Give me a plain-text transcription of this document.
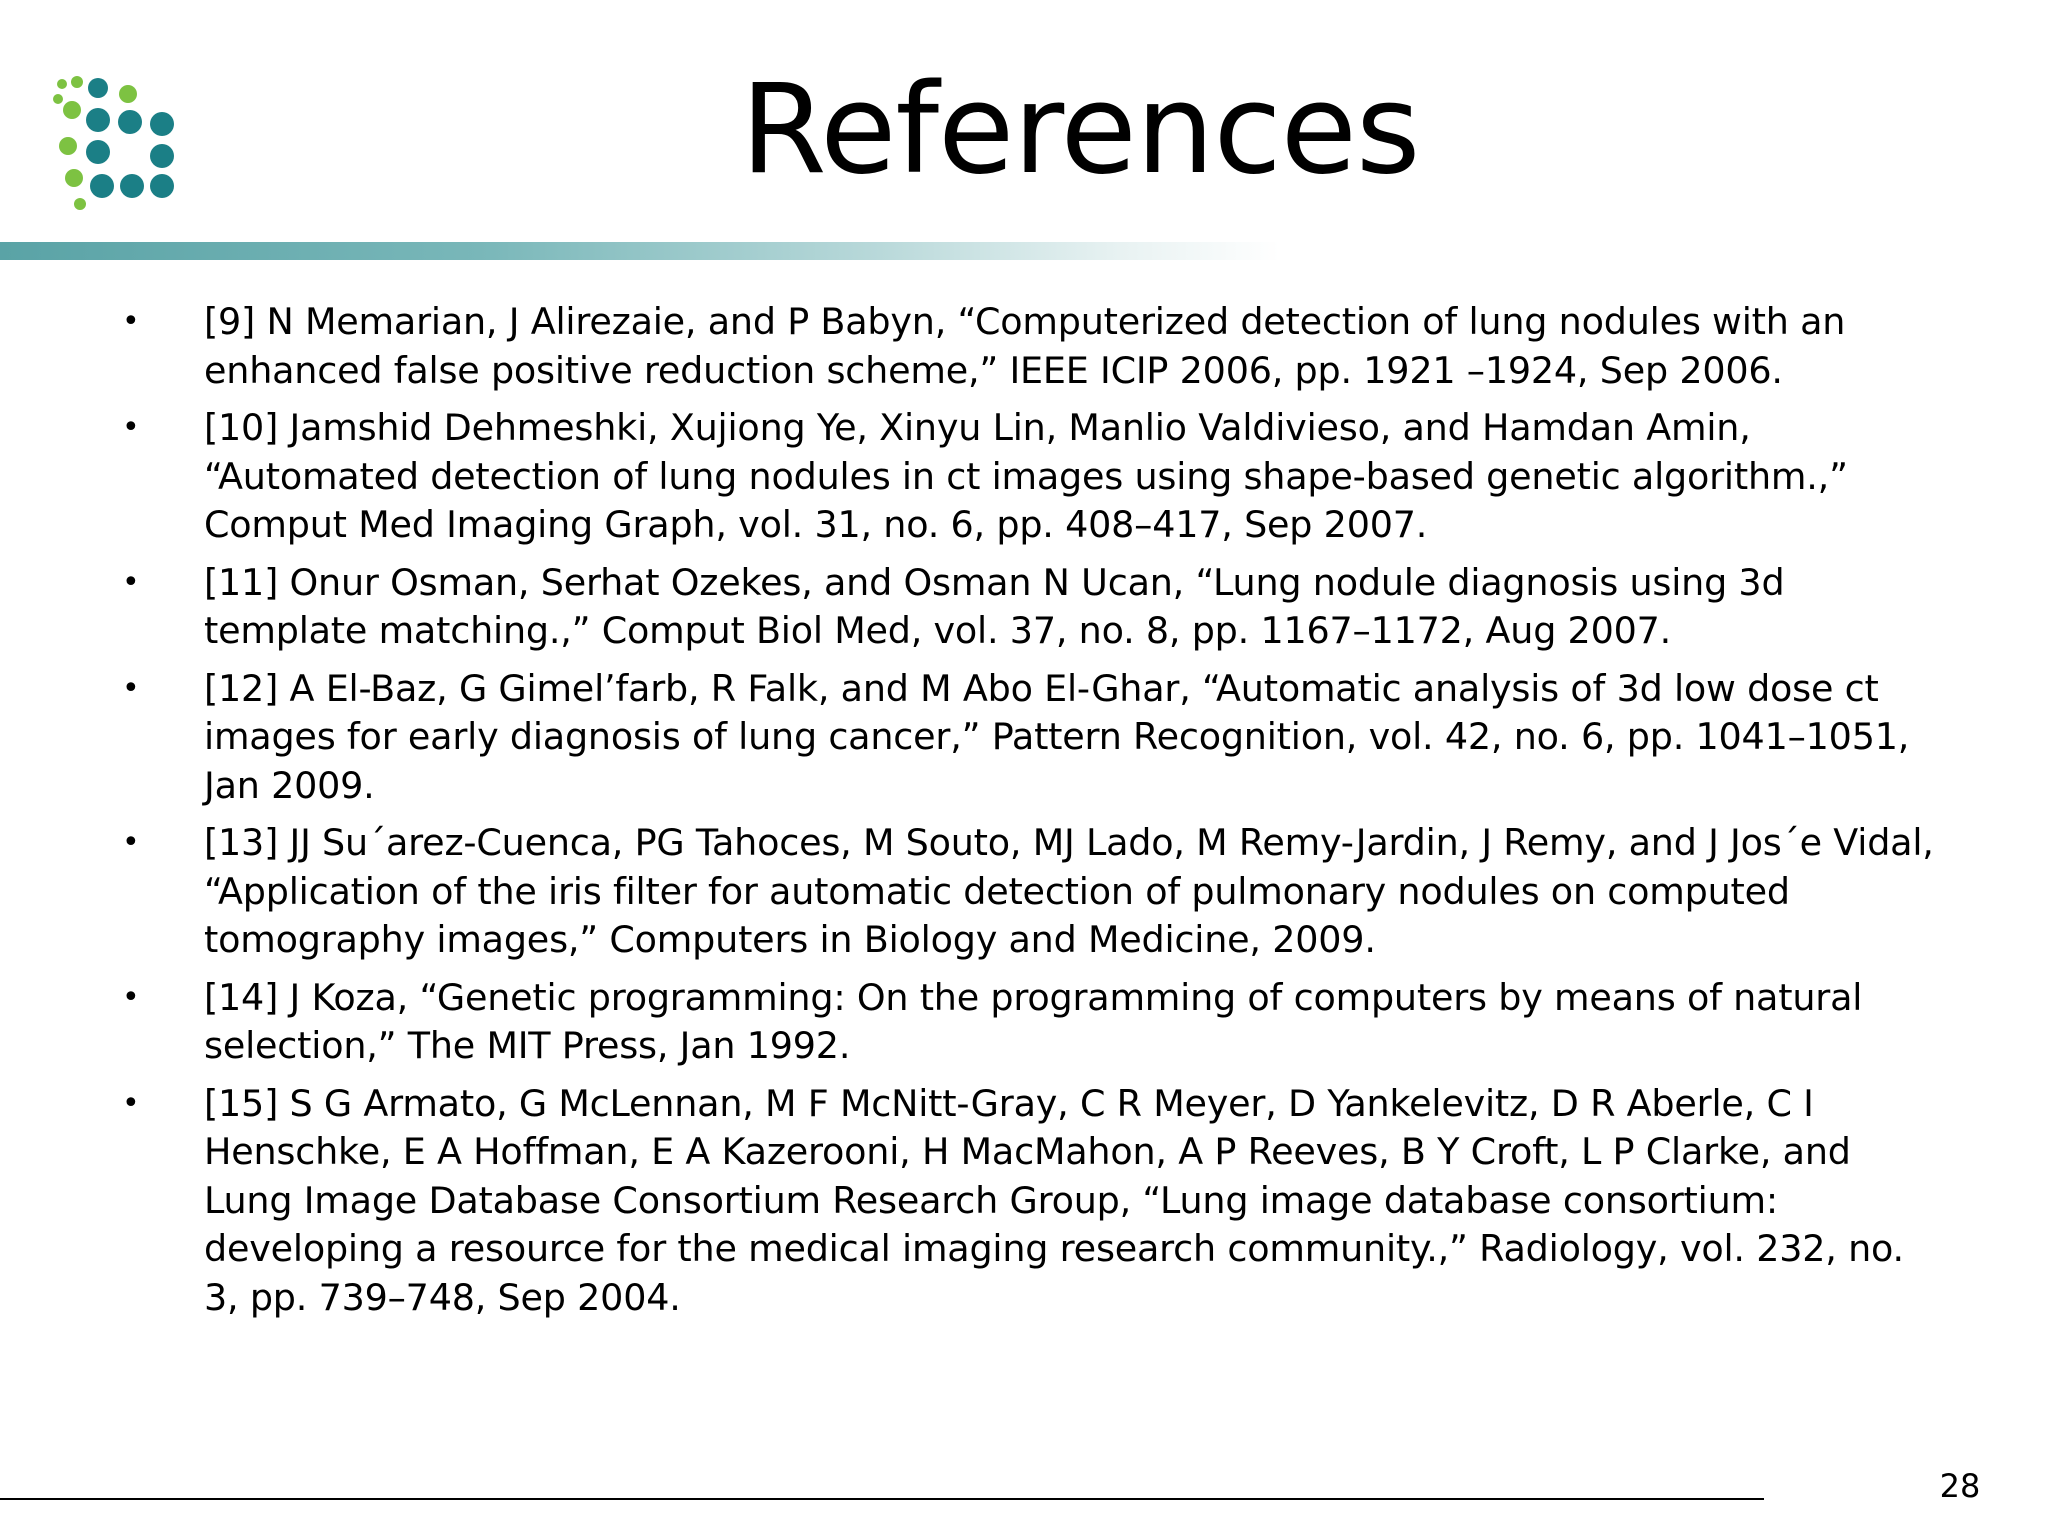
References
• [9] N Memarian, J Alirezaie, and P Babyn, “Computerized detection of lung nodules with an enhanced false positive reduction scheme,” IEEE ICIP 2006, pp. 1921 –1924, Sep 2006.
• [10] Jamshid Dehmeshki, Xujiong Ye, Xinyu Lin, Manlio Valdivieso, and Hamdan Amin, “Automated detection of lung nodules in ct images using shape-based genetic algorithm.,” Comput Med Imaging Graph, vol. 31, no. 6, pp. 408–417, Sep 2007.
• [11] Onur Osman, Serhat Ozekes, and Osman N Ucan, “Lung nodule diagnosis using 3d template matching.,” Comput Biol Med, vol. 37, no. 8, pp. 1167–1172, Aug 2007.
• [12] A El-Baz, G Gimel’farb, R Falk, and M Abo El-Ghar, “Automatic analysis of 3d low dose ct images for early diagnosis of lung cancer,” Pattern Recognition, vol. 42, no. 6, pp. 1041–1051, Jan 2009.
• [13] JJ Su´arez-Cuenca, PG Tahoces, M Souto, MJ Lado, M Remy-Jardin, J Remy, and J Jos´e Vidal, “Application of the iris filter for automatic detection of pulmonary nodules on computed tomography images,” Computers in Biology and Medicine, 2009.
• [14] J Koza, “Genetic programming: On the programming of computers by means of natural selection,” The MIT Press, Jan 1992.
• [15] S G Armato, G McLennan, M F McNitt-Gray, C R Meyer, D Yankelevitz, D R Aberle, C I Henschke, E A Hoffman, E A Kazerooni, H MacMahon, A P Reeves, B Y Croft, L P Clarke, and Lung Image Database Consortium Research Group, “Lung image database consortium: developing a resource for the medical imaging research community.,” Radiology, vol. 232, no. 3, pp. 739–748, Sep 2004.
28
